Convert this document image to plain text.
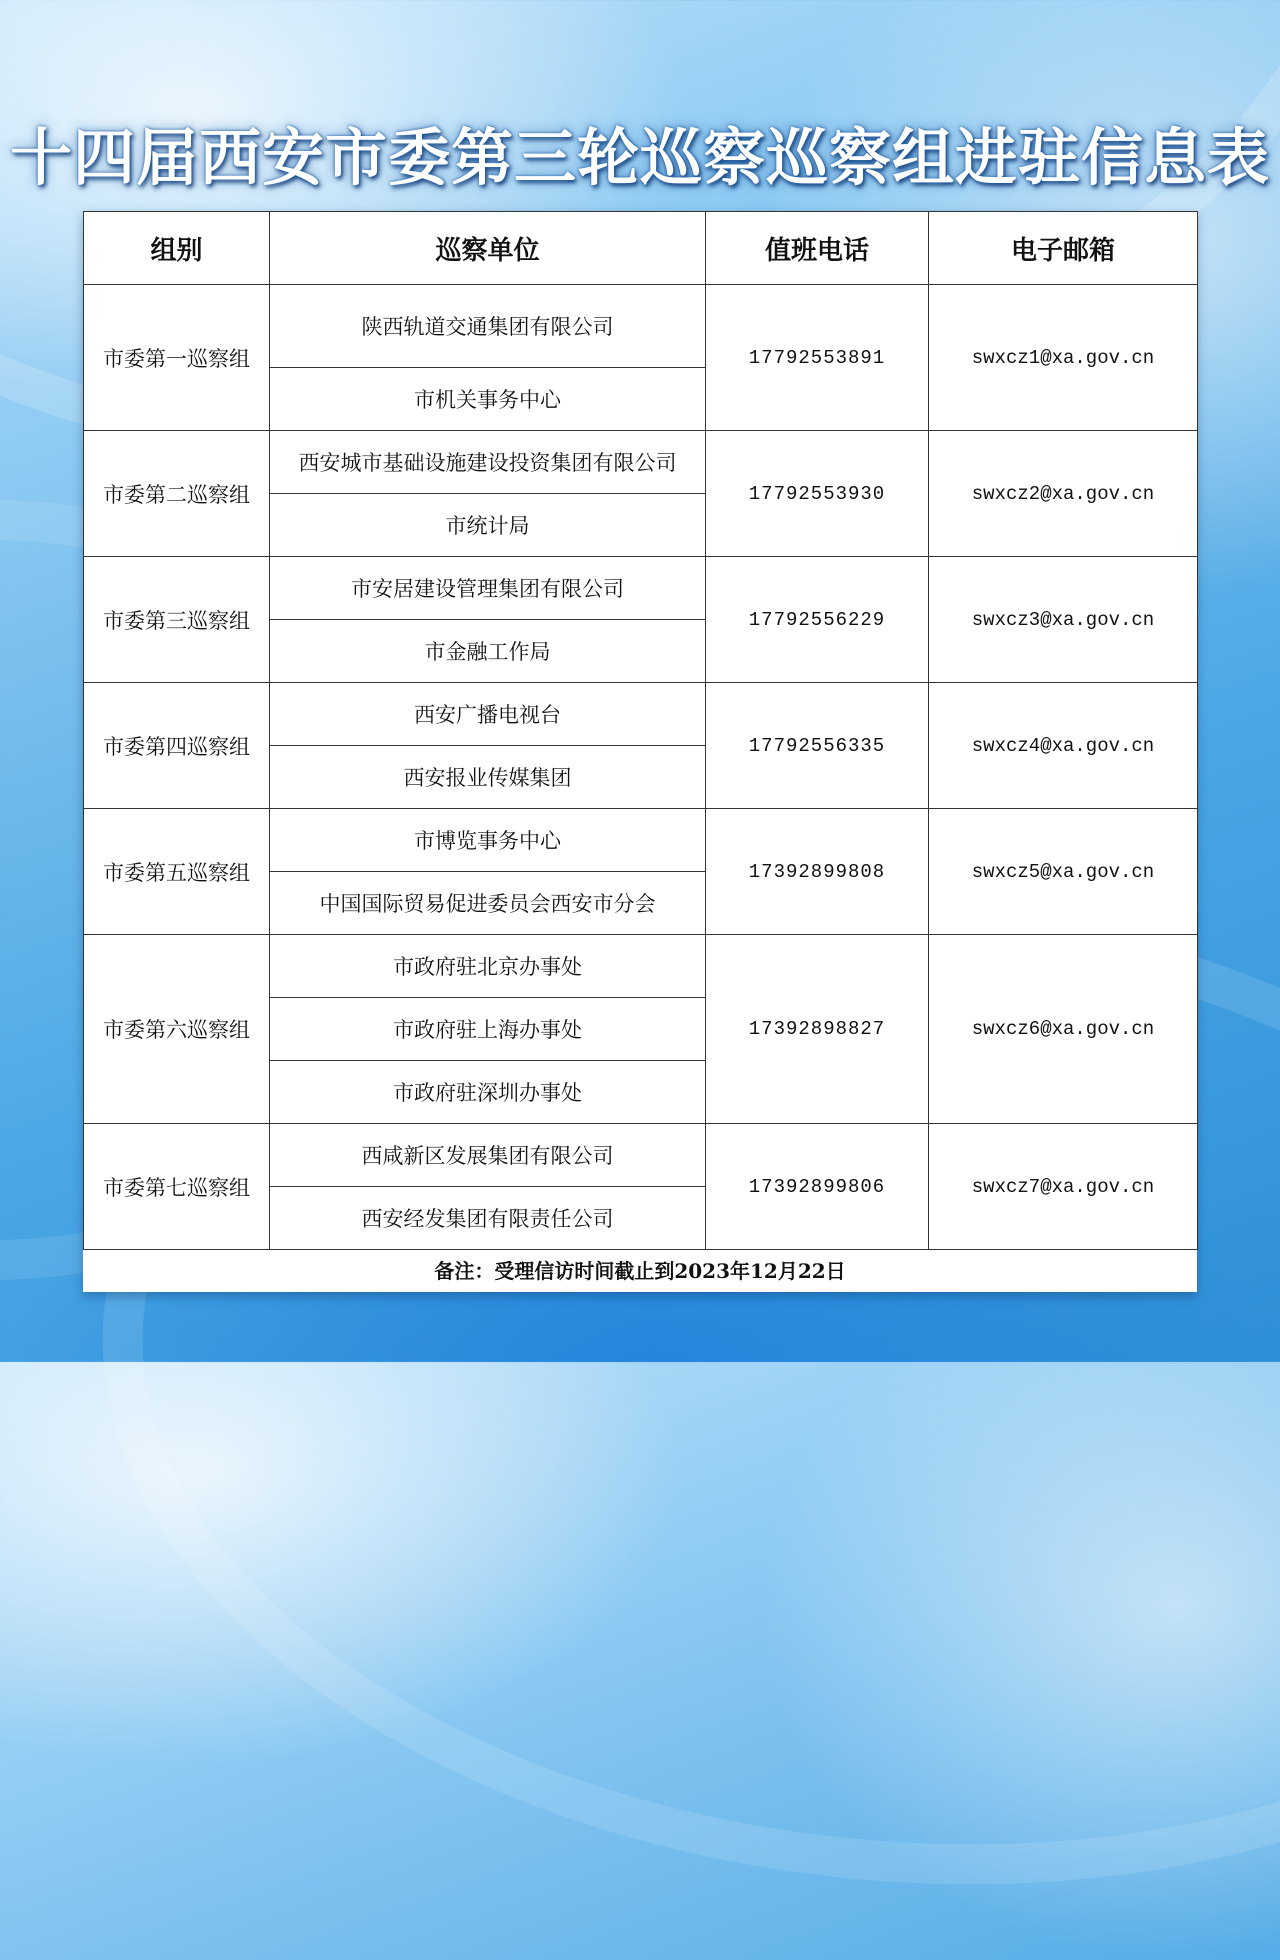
十四届西安市委第三轮巡察巡察组进驻信息表
组别	巡察单位	值班电话	电子邮箱
市委第一巡察组	陕西轨道交通集团有限公司	17792553891	swxcz1@xa.gov.cn
	市机关事务中心		
市委第二巡察组	西安城市基础设施建设投资集团有限公司	17792553930	swxcz2@xa.gov.cn
	市统计局		
市委第三巡察组	市安居建设管理集团有限公司	17792556229	swxcz3@xa.gov.cn
	市金融工作局		
市委第四巡察组	西安广播电视台	17792556335	swxcz4@xa.gov.cn
	西安报业传媒集团		
市委第五巡察组	市博览事务中心	17392899808	swxcz5@xa.gov.cn
	中国国际贸易促进委员会西安市分会		
市委第六巡察组	市政府驻北京办事处	17392898827	swxcz6@xa.gov.cn
	市政府驻上海办事处		
	市政府驻深圳办事处		
市委第七巡察组	西咸新区发展集团有限公司	17392899806	swxcz7@xa.gov.cn
	西安经发集团有限责任公司		
备注：受理信访时间截止到2023年12月22日
